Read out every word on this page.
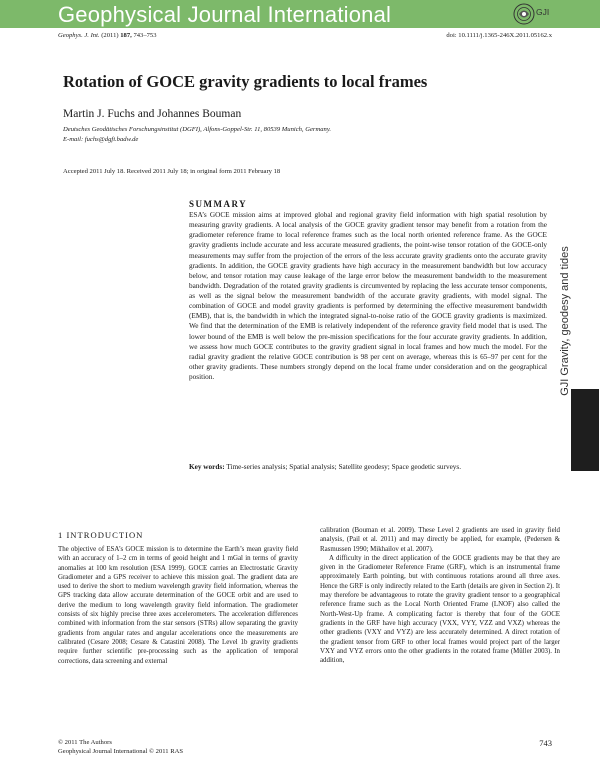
Geophysical Journal International	GJI
Geophys. J. Int. (2011) 187, 743–753	doi: 10.1111/j.1365-246X.2011.05162.x
Rotation of GOCE gravity gradients to local frames
Martin J. Fuchs and Johannes Bouman
Deutsches Geodätisches Forschungsinstitut (DGFI), Alfons-Goppel-Str. 11, 80539 Munich, Germany.
E-mail: fuchs@dgfi.badw.de
Accepted 2011 July 18. Received 2011 July 18; in original form 2011 February 18
SUMMARY
ESA’s GOCE mission aims at improved global and regional gravity field information with high spatial resolution by measuring gravity gradients. A local analysis of the GOCE gravity gradient tensor may benefit from a rotation from the gradiometer reference frame to local reference frames such as the local north oriented reference frame. As the GOCE gravity gradients include accurate and less accurate measured gradients, the point-wise tensor rotation of the GOCE-only measurements may suffer from the projection of the errors of the less accurate gravity gradients onto the accurate gravity gradients. In addition, the GOCE gravity gradients have high accuracy in the measurement bandwidth but low accuracy below, and tensor rotation may cause leakage of the large error below the measurement bandwidth to the measurement bandwidth. Degradation of the rotated gravity gradients is circumvented by replacing the less accurate tensor components, as well as the signal below the measurement bandwidth of the accurate gravity gradients, with model signal. The combination of GOCE and model gravity gradients is performed by determining the effective measurement bandwidth (EMB), that is, the bandwidth in which the integrated signal-to-noise ratio of the GOCE gravity gradients is maximized. We find that the determination of the EMB is relatively independent of the reference gravity field model that is used. The lower bound of the EMB is well below the pre-mission specifications for the four accurate gravity gradients. In addition, we assess how much GOCE contributes to the gravity gradient signal in local frames and how much the model. For the radial gravity gradient the relative GOCE contribution is 98 per cent on average, whereas this is 65–97 per cent for the other gravity gradients. These numbers strongly depend on the local frame under consideration and on the geographical position.
Key words: Time-series analysis; Spatial analysis; Satellite geodesy; Space geodetic surveys.
GJI Gravity, geodesy and tides
1 INTRODUCTION

The objective of ESA’s GOCE mission is to determine the Earth’s mean gravity field with an accuracy of 1–2 cm in terms of geoid height and 1 mGal in terms of gravity anomalies at 100 km resolution (ESA 1999). GOCE carries an Electrostatic Gravity Gradiometer and a GPS receiver to achieve this mission goal. The gradient data are used to derive the short to medium wavelength gravity field information, whereas the GPS tracking data allow accurate determination of the GOCE orbit and are used to derive the medium to long wavelength gravity field information. The gradiometer consists of six highly precise three axes accelerometers. The acceleration differences combined with information from the star sensors (STRs) allow separating the gravity gradients from angular rates and angular accelerations once the measurements are calibrated (Cesare 2008; Cesare & Catastini 2008). The Level 1b gravity gradients require further scientific pre-processing such as the application of temporal corrections, data screening and external

calibration (Bouman et al. 2009). These Level 2 gradients are used in gravity field analysis, (Pail et al. 2011) and may directly be applied, for example, (Pedersen & Rasmussen 1990; Mikhailov et al. 2007).

A difficulty in the direct application of the GOCE gradients may be that they are given in the Gradiometer Reference Frame (GRF), which is an instrumental frame approximately Earth pointing, but with continuous rotations around all three axes. Hence the GRF is only indirectly related to the Earth (details are given in Section 2). It may therefore be advantageous to rotate the gravity gradient tensor to a geographical reference frame such as the Local North Oriented Frame (LNOF) also called the North-West-Up frame. A complicating factor is thereby that four of the GOCE gradients in the GRF have high accuracy (VXX, VYY, VZZ and VXZ) whereas the other gradients (VXY and VYZ) are less accurately determined. A direct rotation of the gradient tensor from GRF to other local frames would project part of the larger VXY and VYZ errors onto the other gradients in the rotated frame (Müller 2003). In addition,

© 2011 The Authors
Geophysical Journal International © 2011 RAS
743
